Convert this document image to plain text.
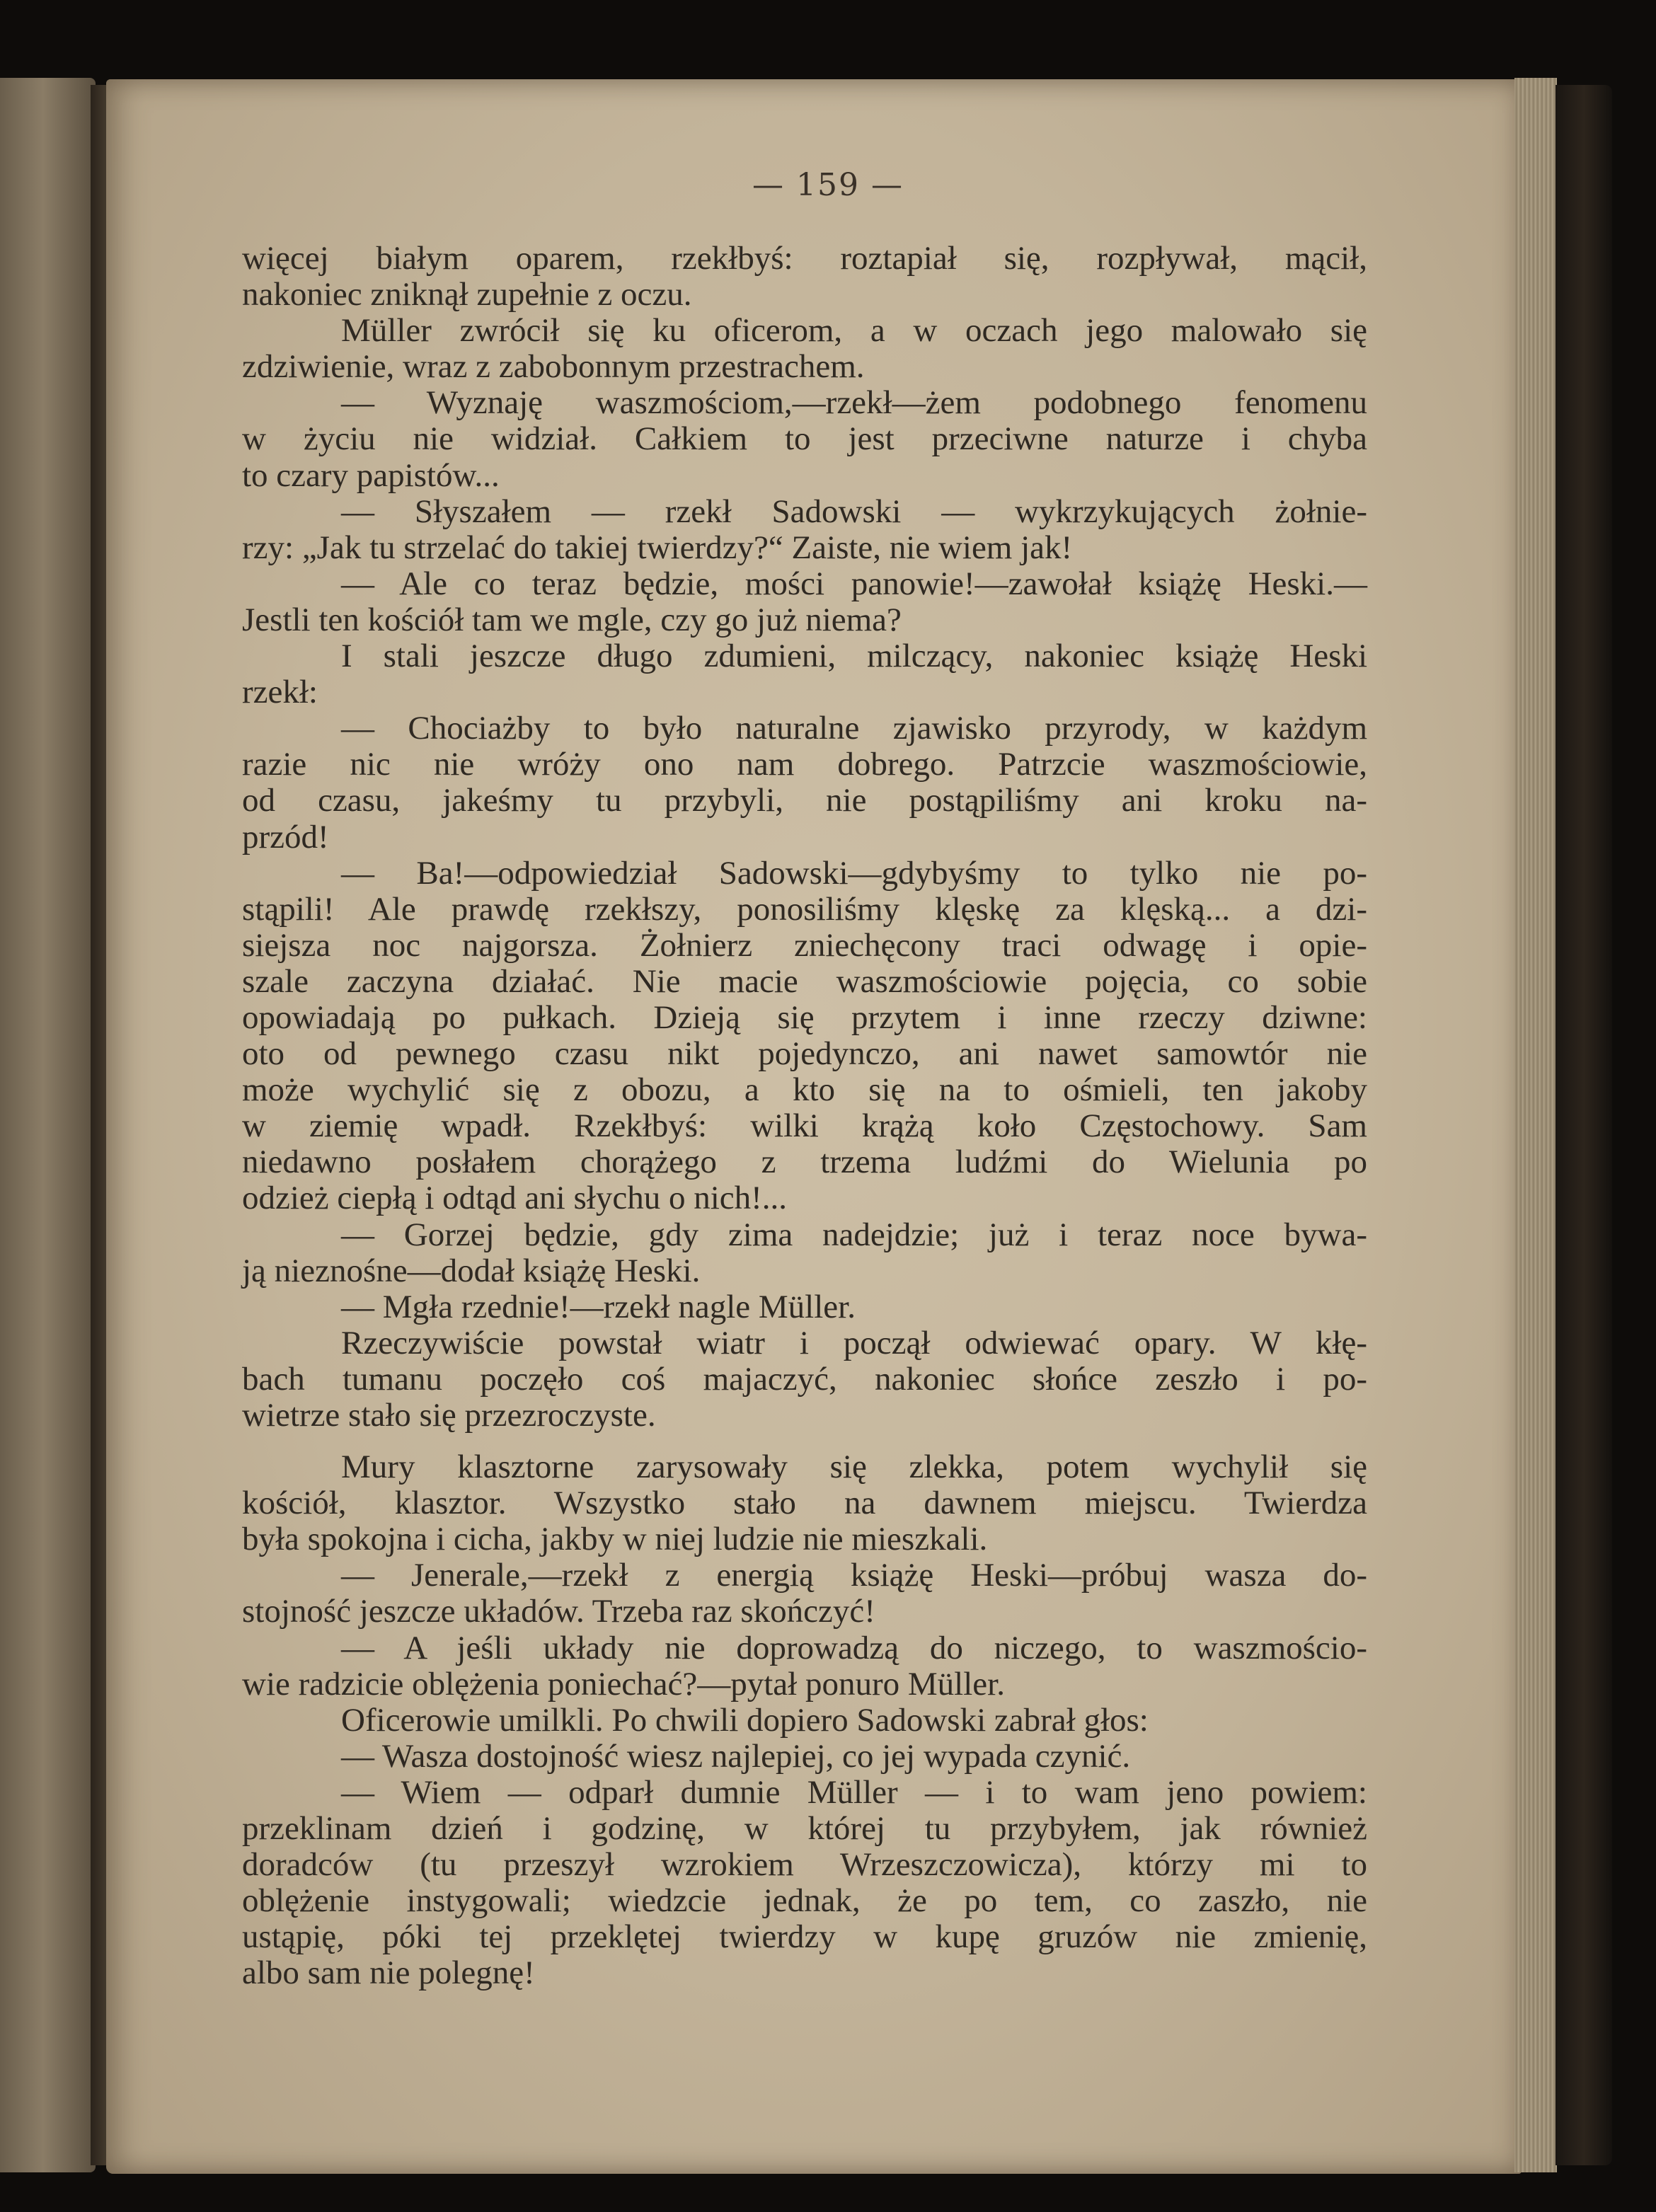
— 159 —
więcej białym oparem, rzekłbyś: roztapiał się, rozpływał, mącił,
nakoniec zniknął zupełnie z oczu.
Müller zwrócił się ku oficerom, a w oczach jego malowało się
zdziwienie, wraz z zabobonnym przestrachem.
— Wyznaję waszmościom,—rzekł—żem podobnego fenomenu
w życiu nie widział. Całkiem to jest przeciwne naturze i chyba
to czary papistów...
— Słyszałem — rzekł Sadowski — wykrzykujących żołnie-
rzy: „Jak tu strzelać do takiej twierdzy?“ Zaiste, nie wiem jak!
— Ale co teraz będzie, mości panowie!—zawołał książę Heski.—
Jestli ten kościół tam we mgle, czy go już niema?
I stali jeszcze długo zdumieni, milczący, nakoniec książę Heski
rzekł:
— Chociażby to było naturalne zjawisko przyrody, w każdym
razie nic nie wróży ono nam dobrego. Patrzcie waszmościowie,
od czasu, jakeśmy tu przybyli, nie postąpiliśmy ani kroku na-
przód!
— Ba!—odpowiedział Sadowski—gdybyśmy to tylko nie po-
stąpili! Ale prawdę rzekłszy, ponosiliśmy klęskę za klęską... a dzi-
siejsza noc najgorsza. Żołnierz zniechęcony traci odwagę i opie-
szale zaczyna działać. Nie macie waszmościowie pojęcia, co sobie
opowiadają po pułkach. Dzieją się przytem i inne rzeczy dziwne:
oto od pewnego czasu nikt pojedynczo, ani nawet samowtór nie
może wychylić się z obozu, a kto się na to ośmieli, ten jakoby
w ziemię wpadł. Rzekłbyś: wilki krążą koło Częstochowy. Sam
niedawno posłałem chorążego z trzema ludźmi do Wielunia po
odzież ciepłą i odtąd ani słychu o nich!...
— Gorzej będzie, gdy zima nadejdzie; już i teraz noce bywa-
ją nieznośne—dodał książę Heski.
— Mgła rzednie!—rzekł nagle Müller.
Rzeczywiście powstał wiatr i począł odwiewać opary. W kłę-
bach tumanu poczęło coś majaczyć, nakoniec słońce zeszło i po-
wietrze stało się przezroczyste.
Mury klasztorne zarysowały się zlekka, potem wychylił się
kościół, klasztor. Wszystko stało na dawnem miejscu. Twierdza
była spokojna i cicha, jakby w niej ludzie nie mieszkali.
— Jenerale,—rzekł z energią książę Heski—próbuj wasza do-
stojność jeszcze układów. Trzeba raz skończyć!
— A jeśli układy nie doprowadzą do niczego, to waszmościo-
wie radzicie oblężenia poniechać?—pytał ponuro Müller.
Oficerowie umilkli. Po chwili dopiero Sadowski zabrał głos:
— Wasza dostojność wiesz najlepiej, co jej wypada czynić.
— Wiem — odparł dumnie Müller — i to wam jeno powiem:
przeklinam dzień i godzinę, w której tu przybyłem, jak również
doradców (tu przeszył wzrokiem Wrzeszczowicza), którzy mi to
oblężenie instygowali; wiedzcie jednak, że po tem, co zaszło, nie
ustąpię, póki tej przeklętej twierdzy w kupę gruzów nie zmienię,
albo sam nie polegnę!
